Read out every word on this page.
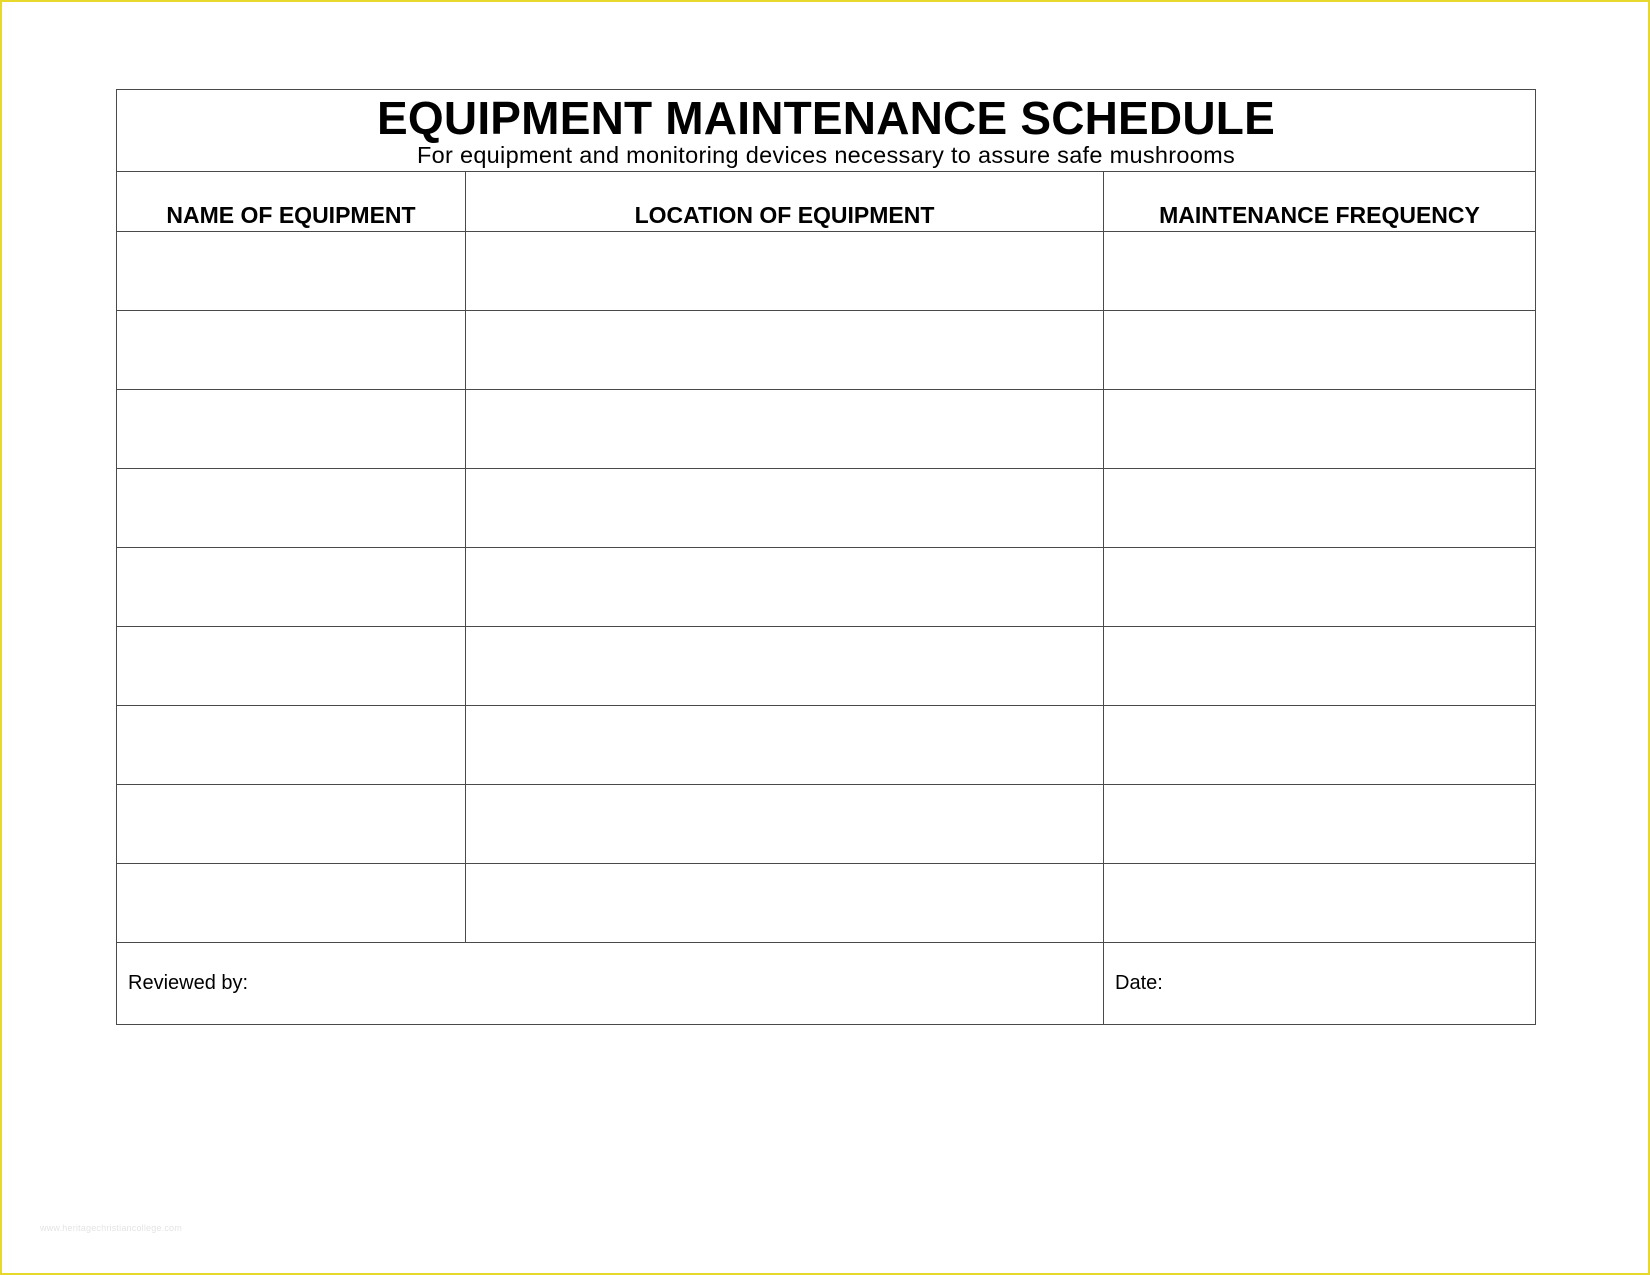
EQUIPMENT MAINTENANCE SCHEDULE
For equipment and monitoring devices necessary to assure safe mushrooms		

NAME OF EQUIPMENT	LOCATION OF EQUIPMENT	MAINTENANCE FREQUENCY

Reviewed by:		Date:
www.heritagechristiancollege.com
